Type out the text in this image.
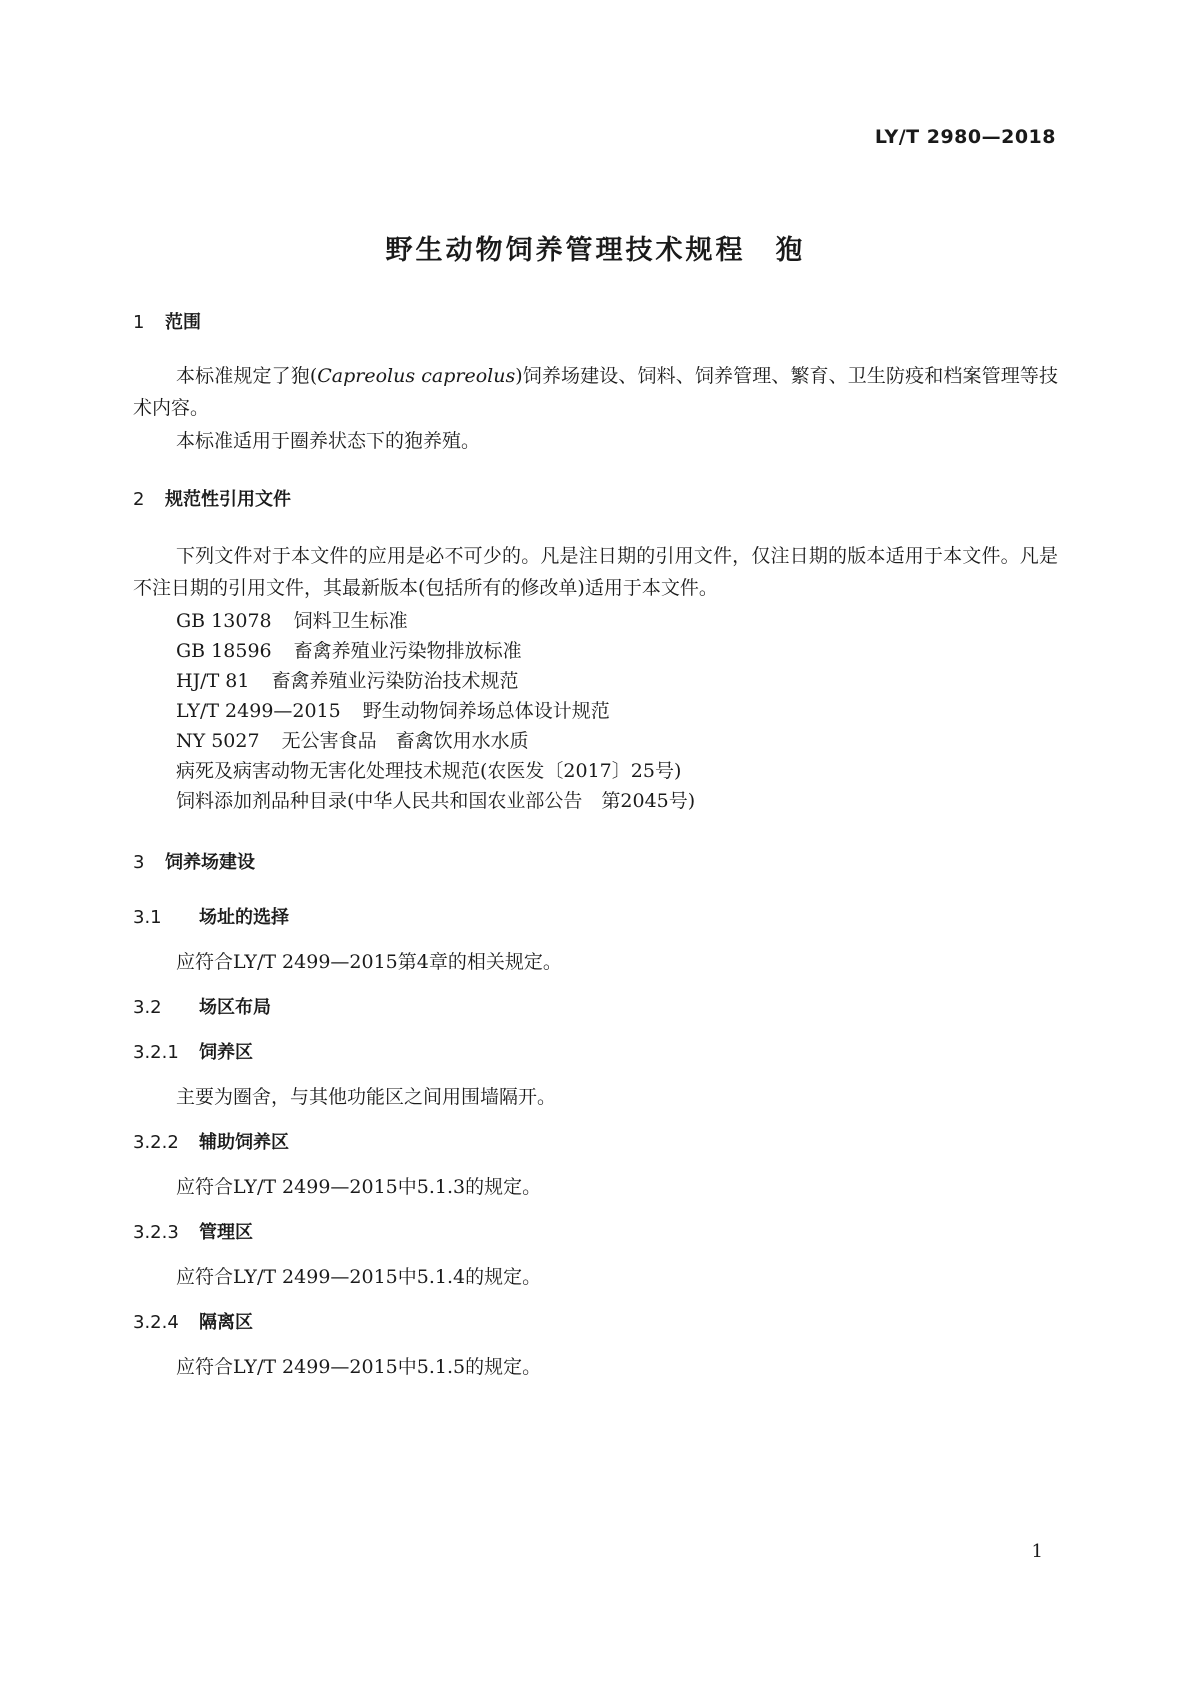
LY/T 2980—2018
野生动物饲养管理技术规程　狍
1 范围
本标准规定了狍(Capreolus capreolus)饲养场建设、饲料、饲养管理、繁育、卫生防疫和档案管理等技术内容。
本标准适用于圈养状态下的狍养殖。
2 规范性引用文件
下列文件对于本文件的应用是必不可少的。凡是注日期的引用文件，仅注日期的版本适用于本文件。凡是不注日期的引用文件，其最新版本(包括所有的修改单)适用于本文件。
GB 13078 饲料卫生标准
GB 18596 畜禽养殖业污染物排放标准
HJ/T 81 畜禽养殖业污染防治技术规范
LY/T 2499—2015 野生动物饲养场总体设计规范
NY 5027 无公害食品　畜禽饮用水水质
病死及病害动物无害化处理技术规范(农医发〔2017〕25号)
饲料添加剂品种目录(中华人民共和国农业部公告　第2045号)
3 饲养场建设
3.1 场址的选择
应符合LY/T 2499—2015第4章的相关规定。
3.2 场区布局
3.2.1 饲养区
主要为圈舍，与其他功能区之间用围墙隔开。
3.2.2 辅助饲养区
应符合LY/T 2499—2015中5.1.3的规定。
3.2.3 管理区
应符合LY/T 2499—2015中5.1.4的规定。
3.2.4 隔离区
应符合LY/T 2499—2015中5.1.5的规定。
1
